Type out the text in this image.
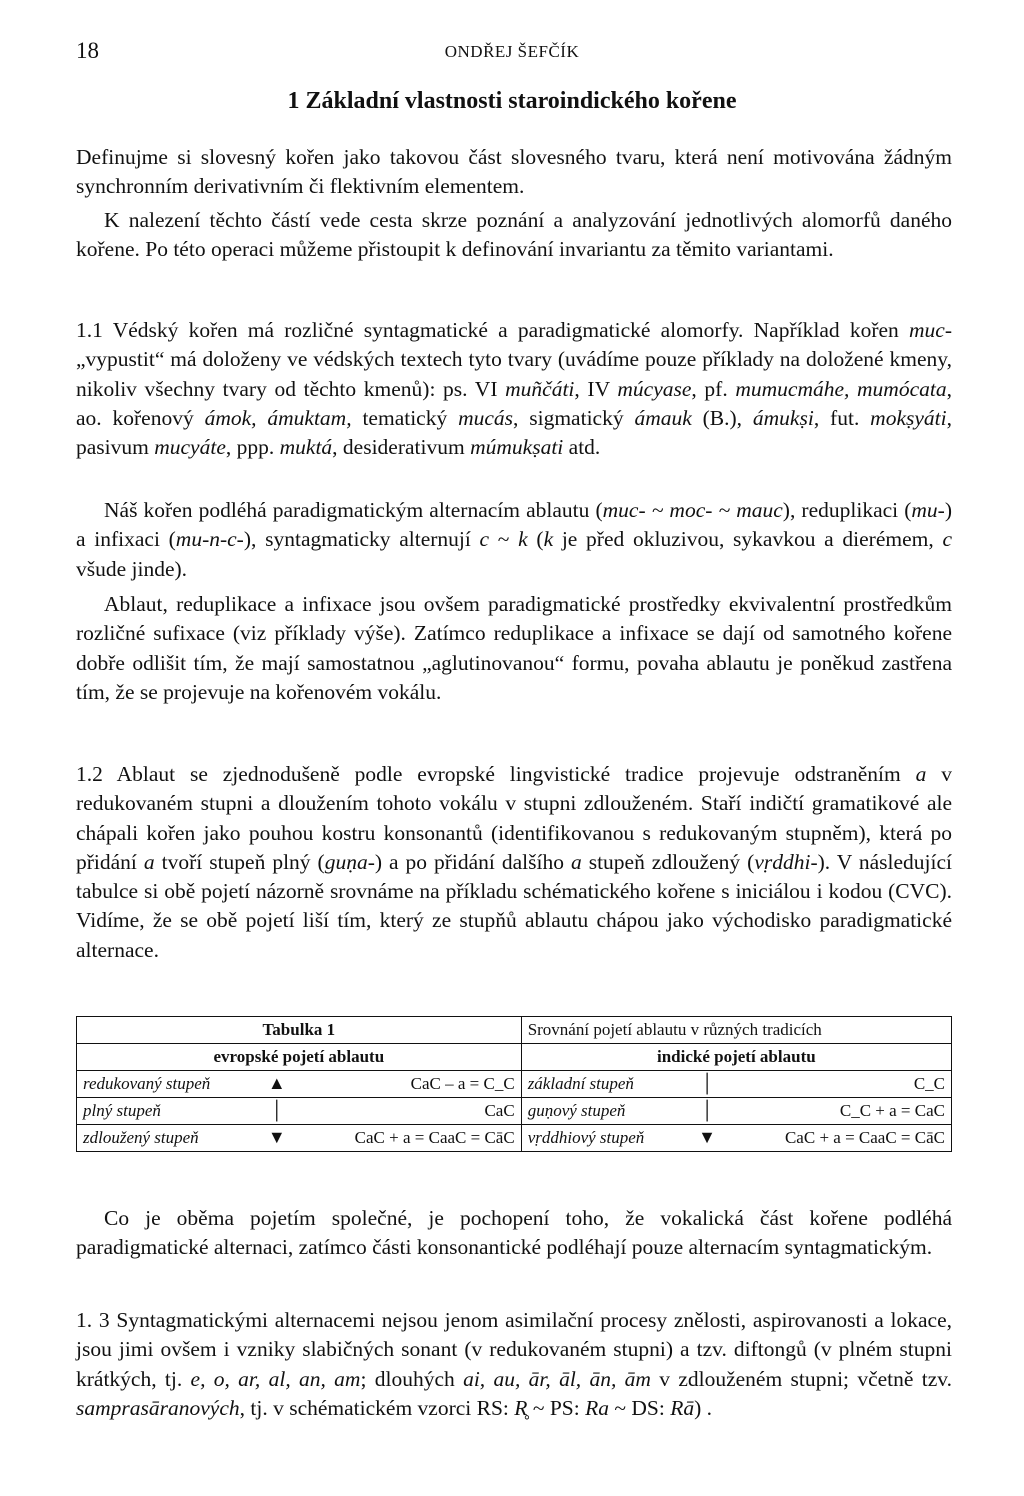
18	ONDŘEJ ŠEFČÍK
1 Základní vlastnosti staroindického kořene

Definujme si slovesný kořen jako takovou část slovesného tvaru, která není motivována žádným synchronním derivativním či flektivním elementem.

K nalezení těchto částí vede cesta skrze poznání a analyzování jednotlivých alomorfů daného kořene. Po této operaci můžeme přistoupit k definování invariantu za těmito variantami.

1.1 Védský kořen má rozličné syntagmatické a paradigmatické alomorfy. Například kořen muc- „vypustit“ má doloženy ve védských textech tyto tvary (uvádíme pouze příklady na doložené kmeny, nikoliv všechny tvary od těchto kmenů): ps. VI muñčáti, IV múcyase, pf. mumucmáhe, mumócata, ao. kořenový ámok, ámuktam, tematický mucás, sigmatický ámauk (B.), ámukṣi, fut. mokṣyáti, pasivum mucyáte, ppp. muktá, desiderativum múmukṣati atd.

Náš kořen podléhá paradigmatickým alternacím ablautu (muc- ~ moc- ~ mauc), reduplikaci (mu-) a infixaci (mu-n-c-), syntagmaticky alternují c ~ k (k je před okluzivou, sykavkou a dierémem, c všude jinde).

Ablaut, reduplikace a infixace jsou ovšem paradigmatické prostředky ekvivalentní prostředkům rozličné sufixace (viz příklady výše). Zatímco reduplikace a infixace se dají od samotného kořene dobře odlišit tím, že mají samostatnou „aglutinovanou“ formu, povaha ablautu je poněkud zastřena tím, že se projevuje na kořenovém vokálu.

1.2 Ablaut se zjednodušeně podle evropské lingvistické tradice projevuje odstraněním a v redukovaném stupni a dloužením tohoto vokálu v stupni zdlouženém. Staří indičtí gramatikové ale chápali kořen jako pouhou kostru konsonantů (identifikovanou s redukovaným stupněm), která po přidání a tvoří stupeň plný (guṇa-) a po přidání dalšího a stupeň zdloužený (vṛddhi-). V následující tabulce si obě pojetí názorně srovnáme na příkladu schématického kořene s iniciálou i kodou (CVC). Vidíme, že se obě pojetí liší tím, který ze stupňů ablautu chápou jako východisko paradigmatické alternace.

Tabulka 1			Srovnání pojetí ablautu v různých tradicích		
evropské pojetí ablautu			indické pojetí ablautu		
redukovaný stupeň	▲	CaC – a = C_C	základní stupeň	│	C_C
plný stupeň	│	CaC	guṇový stupeň	│	C_C + a = CaC
zdloužený stupeň	▼	CaC + a = CaaC = CāC	vṛddhiový stupeň	▼	CaC + a = CaaC = CāC

Co je oběma pojetím společné, je pochopení toho, že vokalická část kořene podléhá paradigmatické alternaci, zatímco části konsonantické podléhají pouze alternacím syntagmatickým.

1. 3 Syntagmatickými alternacemi nejsou jenom asimilační procesy znělosti, aspirovanosti a lokace, jsou jimi ovšem i vzniky slabičných sonant (v redukovaném stupni) a tzv. diftongů (v plném stupni krátkých, tj. e, o, ar, al, an, am; dlouhých ai, au, ār, āl, ān, ām v zdlouženém stupni; včetně tzv. samprasāranových, tj. v schématickém vzorci RS: R̥ ~ PS: Ra ~ DS: Rā) .
